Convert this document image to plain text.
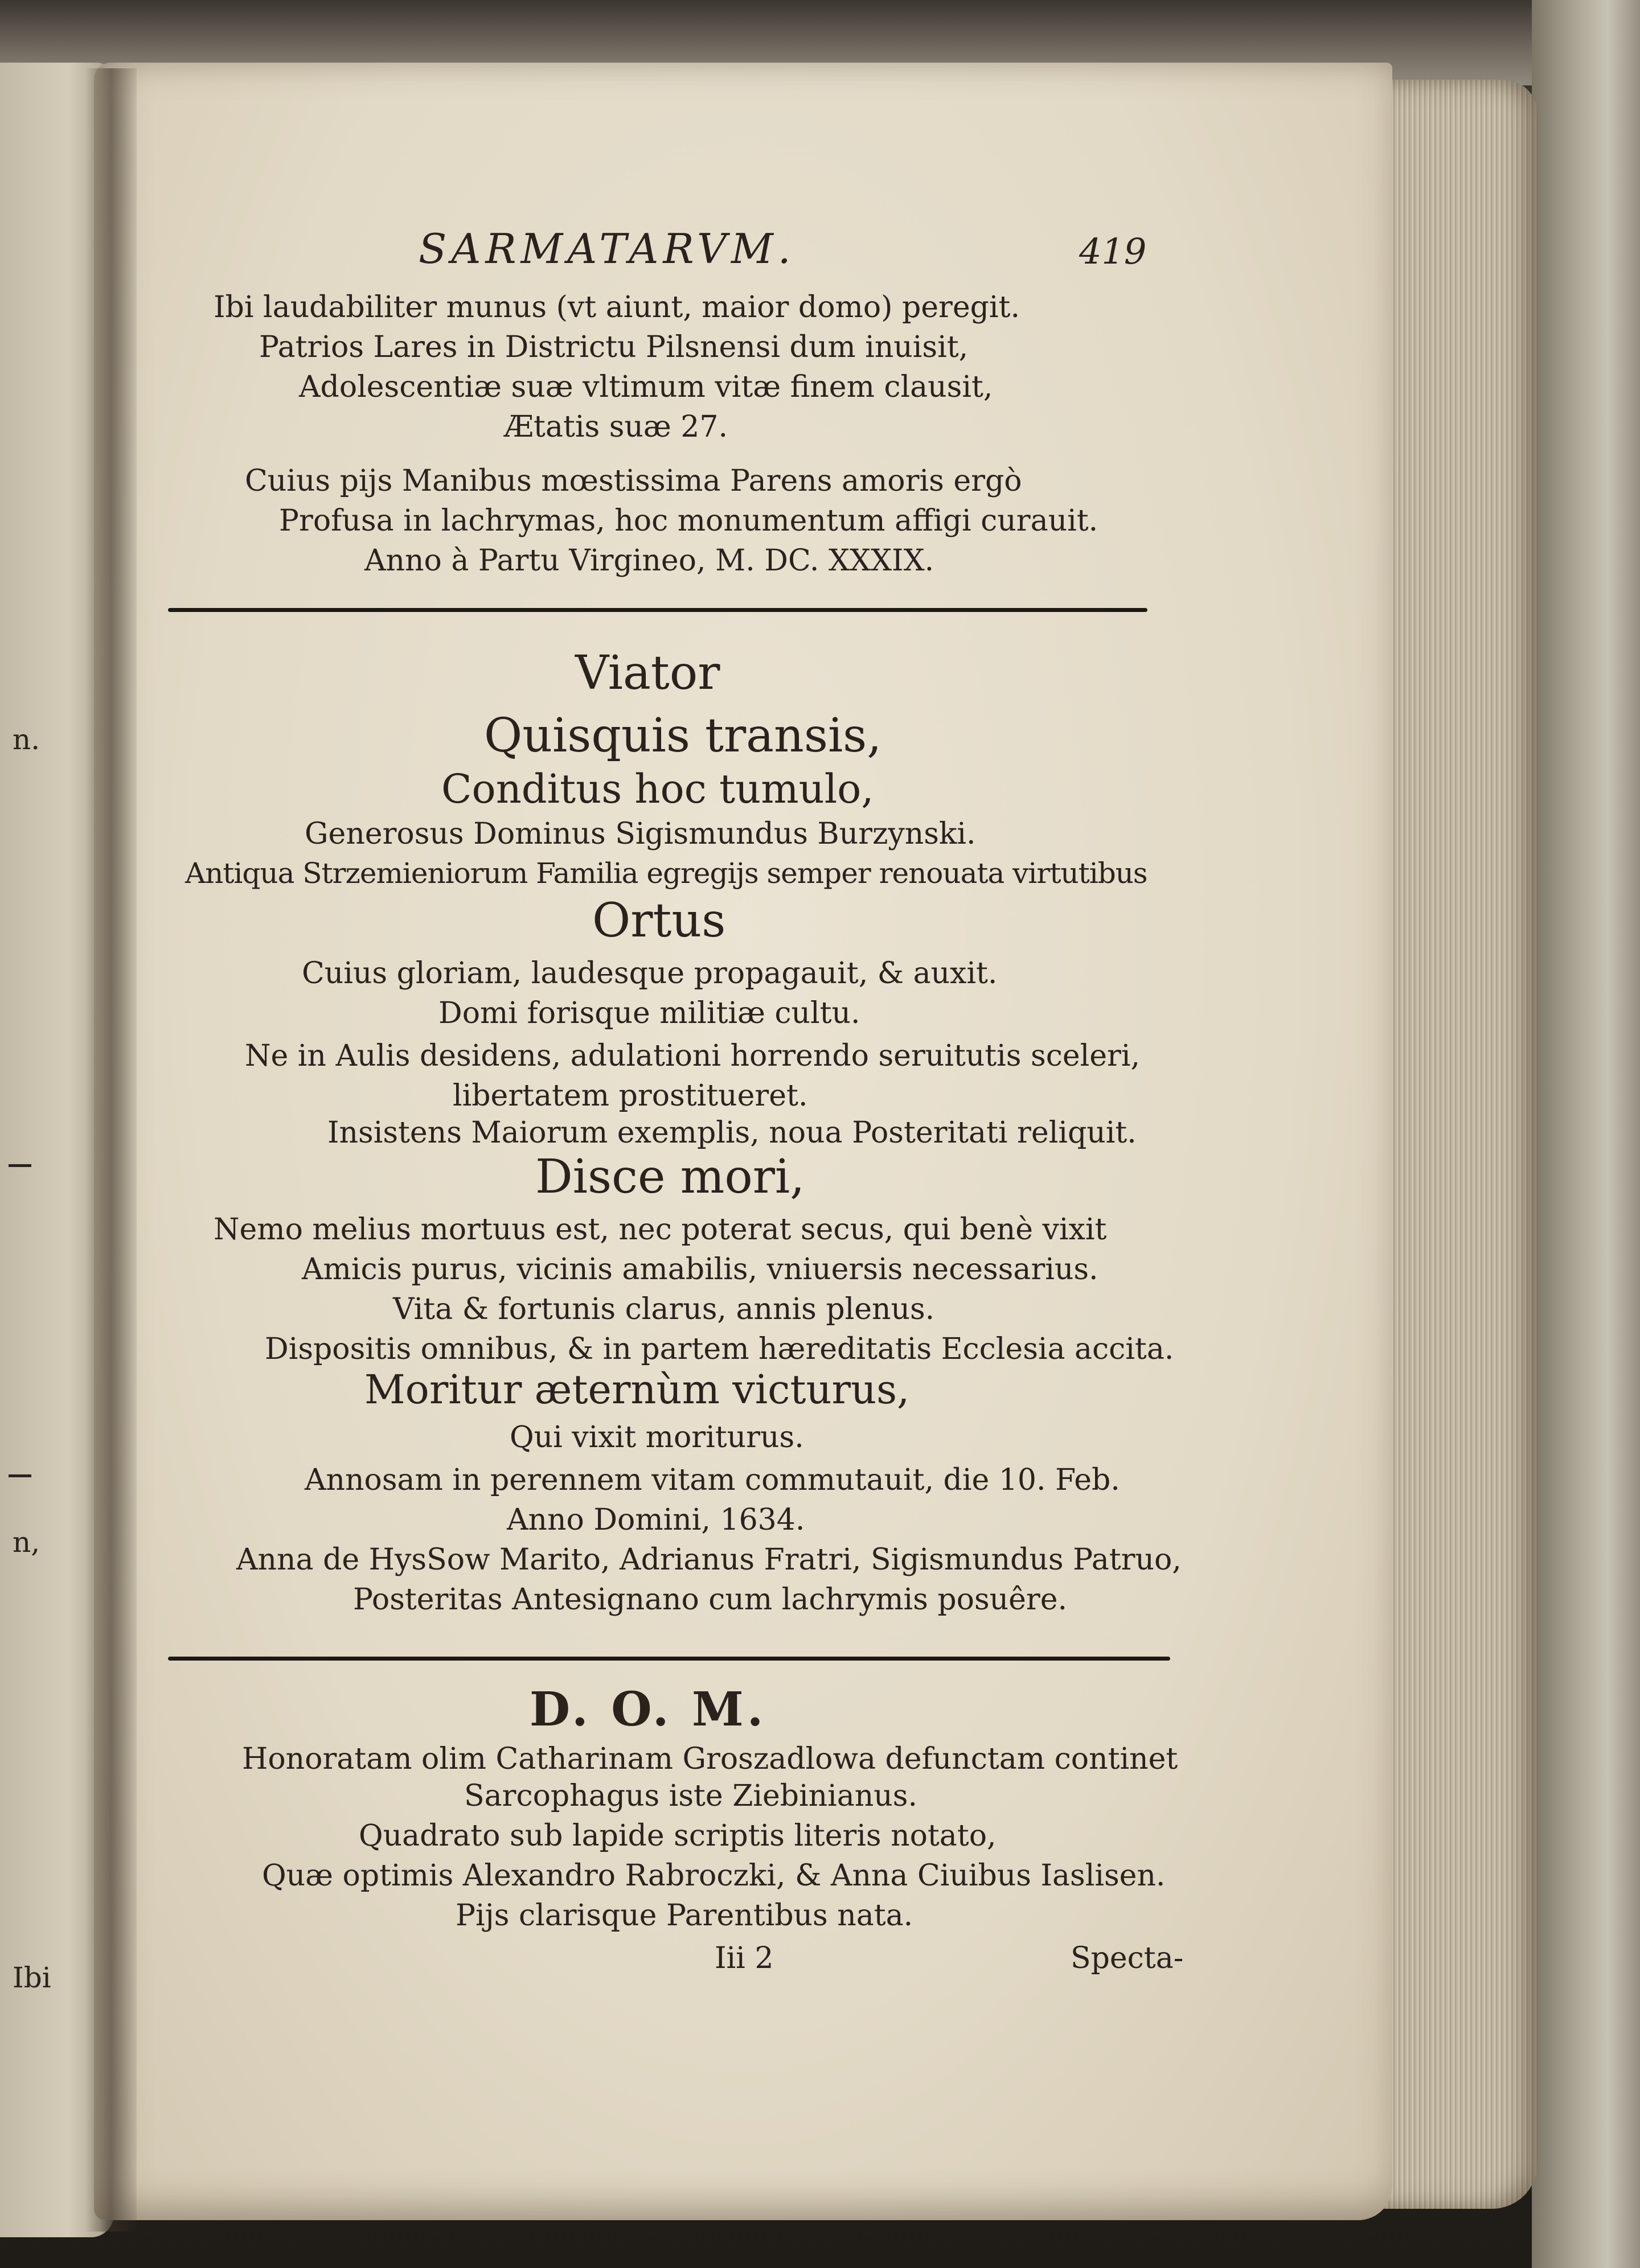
n.
n,
Ibi
SARMATARVM.	419
Ibi laudabiliter munus (vt aiunt, maior domo) peregit.
Patrios Lares in Districtu Pilsnensi dum inuisit,
Adolescentiæ suæ vltimum vitæ finem clausit,
Ætatis suæ 27.
Cuius pijs Manibus mœstissima Parens amoris ergò
Profusa in lachrymas, hoc monumentum affigi curauit.
Anno à Partu Virgineo, M. DC. XXXIX.
Viator
Quisquis transis,
Conditus hoc tumulo,
Generosus Dominus Sigismundus Burzynski.
Antiqua Strzemieniorum Familia egregijs semper renouata virtutibus
Ortus
Cuius gloriam, laudesque propagauit, & auxit.
Domi forisque militiæ cultu.
Ne in Aulis desidens, adulationi horrendo seruitutis sceleri,
libertatem prostitueret.
Insistens Maiorum exemplis, noua Posteritati reliquit.
Disce mori,
Nemo melius mortuus est, nec poterat secus, qui benè vixit
Amicis purus, vicinis amabilis, vniuersis necessarius.
Vita & fortunis clarus, annis plenus.
Dispositis omnibus, & in partem hæreditatis Ecclesia accita.
Moritur æternùm victurus,
Qui vixit moriturus.
Annosam in perennem vitam commutauit, die 10. Feb.
Anno Domini, 1634.
Anna de HysSow Marito, Adrianus Fratri, Sigismundus Patruo,
Posteritas Antesignano cum lachrymis posuêre.
D. O. M.
Honoratam olim Catharinam Groszadlowa defunctam continet
Sarcophagus iste Ziebinianus.
Quadrato sub lapide scriptis literis notato,
Quæ optimis Alexandro Rabroczki, & Anna Ciuibus Iaslisen.
Pijs clarisque Parentibus nata.
Iii 2	Specta-
